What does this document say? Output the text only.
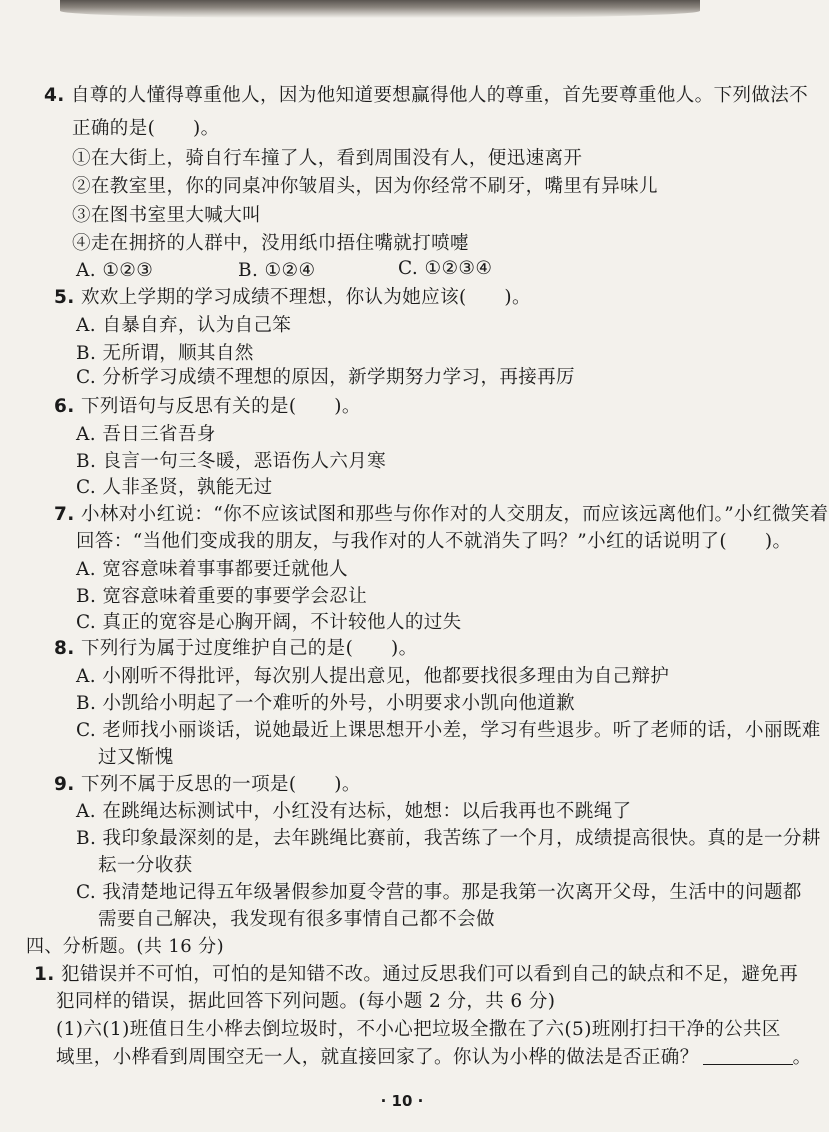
4. 自尊的人懂得尊重他人，因为他知道要想赢得他人的尊重，首先要尊重他人。下列做法不
正确的是(　　)。
①在大街上，骑自行车撞了人，看到周围没有人，便迅速离开
②在教室里，你的同桌冲你皱眉头，因为你经常不刷牙，嘴里有异味儿
③在图书室里大喊大叫
④走在拥挤的人群中，没用纸巾捂住嘴就打喷嚏
A. ①②③	B. ①②④	C. ①②③④
5. 欢欢上学期的学习成绩不理想，你认为她应该(　　)。
A. 自暴自弃，认为自己笨
B. 无所谓，顺其自然
C. 分析学习成绩不理想的原因，新学期努力学习，再接再厉
6. 下列语句与反思有关的是(　　)。
A. 吾日三省吾身
B. 良言一句三冬暖，恶语伤人六月寒
C. 人非圣贤，孰能无过
7. 小林对小红说：“你不应该试图和那些与你作对的人交朋友，而应该远离他们。”小红微笑着
回答：“当他们变成我的朋友，与我作对的人不就消失了吗？”小红的话说明了(　　)。
A. 宽容意味着事事都要迁就他人
B. 宽容意味着重要的事要学会忍让
C. 真正的宽容是心胸开阔，不计较他人的过失
8. 下列行为属于过度维护自己的是(　　)。
A. 小刚听不得批评，每次别人提出意见，他都要找很多理由为自己辩护
B. 小凯给小明起了一个难听的外号，小明要求小凯向他道歉
C. 老师找小丽谈话，说她最近上课思想开小差，学习有些退步。听了老师的话，小丽既难
过又惭愧
9. 下列不属于反思的一项是(　　)。
A. 在跳绳达标测试中，小红没有达标，她想：以后我再也不跳绳了
B. 我印象最深刻的是，去年跳绳比赛前，我苦练了一个月，成绩提高很快。真的是一分耕
耘一分收获
C. 我清楚地记得五年级暑假参加夏令营的事。那是我第一次离开父母，生活中的问题都
需要自己解决，我发现有很多事情自己都不会做
四、分析题。(共 16 分)
1. 犯错误并不可怕，可怕的是知错不改。通过反思我们可以看到自己的缺点和不足，避免再
犯同样的错误，据此回答下列问题。(每小题 2 分，共 6 分)
(1)六(1)班值日生小桦去倒垃圾时，不小心把垃圾全撒在了六(5)班刚打扫干净的公共区
域里，小桦看到周围空无一人，就直接回家了。你认为小桦的做法是否正确？	。
· 10 ·
